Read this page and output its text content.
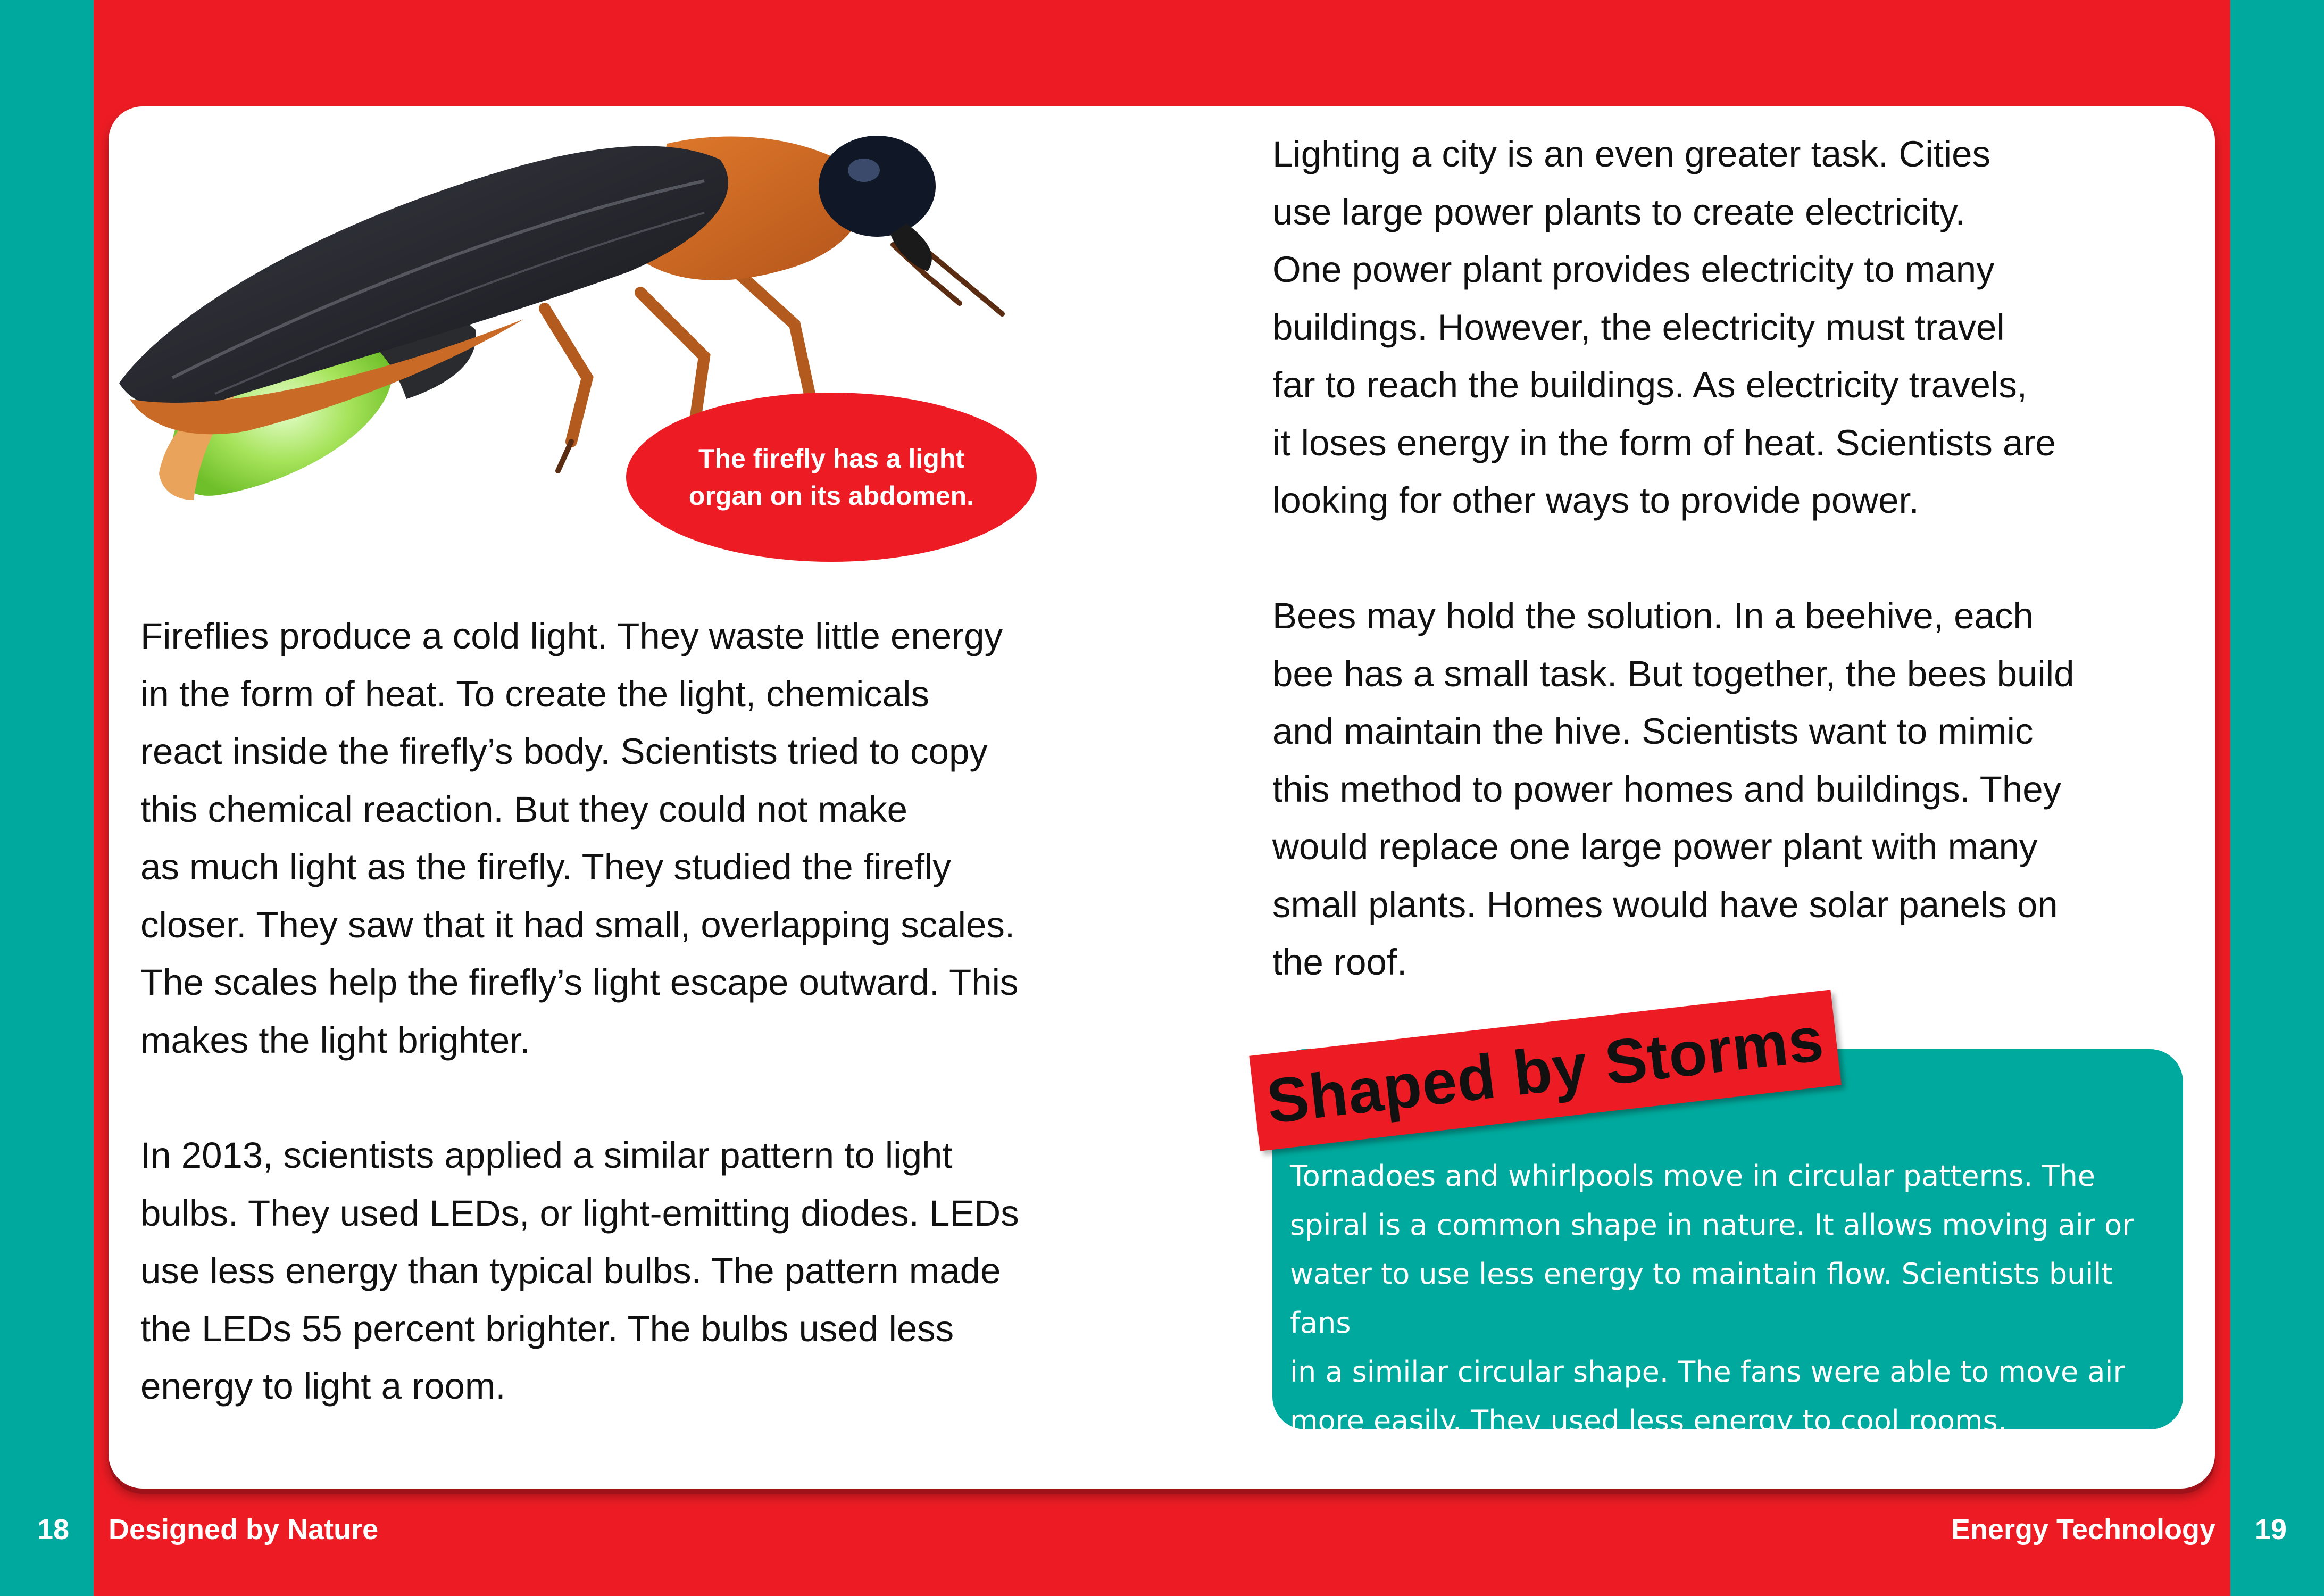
The firefly has a light organ on its abdomen.

Fireflies produce a cold light. They waste little energy
in the form of heat. To create the light, chemicals
react inside the firefly’s body. Scientists tried to copy
this chemical reaction. But they could not make
as much light as the firefly. They studied the firefly
closer. They saw that it had small, overlapping scales.
The scales help the firefly’s light escape outward. This
makes the light brighter.

In 2013, scientists applied a similar pattern to light
bulbs. They used LEDs, or light-emitting diodes. LEDs
use less energy than typical bulbs. The pattern made
the LEDs 55 percent brighter. The bulbs used less
energy to light a room.

Lighting a city is an even greater task. Cities
use large power plants to create electricity.
One power plant provides electricity to many
buildings. However, the electricity must travel
far to reach the buildings. As electricity travels,
it loses energy in the form of heat. Scientists are
looking for other ways to provide power.

Bees may hold the solution. In a beehive, each
bee has a small task. But together, the bees build
and maintain the hive. Scientists want to mimic
this method to power homes and buildings. They
would replace one large power plant with many
small plants. Homes would have solar panels on
the roof.

Shaped by Storms

Tornadoes and whirlpools move in circular patterns. The
spiral is a common shape in nature. It allows moving air or
water to use less energy to maintain flow. Scientists built fans
in a similar circular shape. The fans were able to move air
more easily. They used less energy to cool rooms.

18 Designed by Nature	Energy Technology 19
